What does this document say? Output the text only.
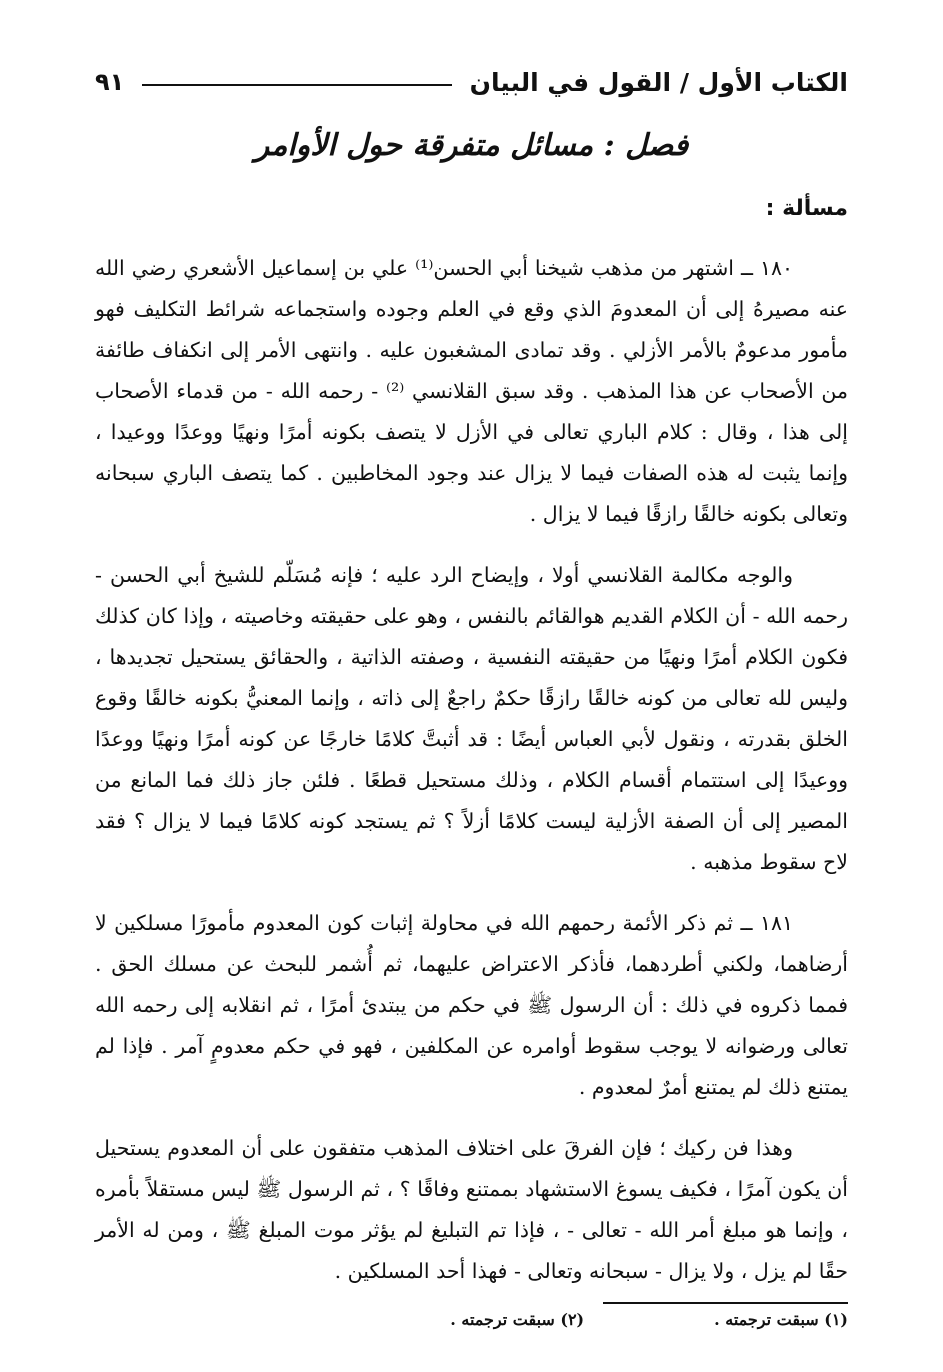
الكتاب الأول / القول في البيان
٩١
فصل : مسائل متفرقة حول الأوامر
مسألة :

١٨٠ ــ اشتهر من مذهب شيخنا أبي الحسن⁽¹⁾ علي بن إسماعيل الأشعري رضي الله عنه مصيرهُ إلى أن المعدومَ الذي وقع في العلم وجوده واستجماعه شرائط التكليف فهو مأمور مدعومٌ بالأمر الأزلي . وقد تمادى المشغبون عليه . وانتهى الأمر إلى انكفاف طائفة من الأصحاب عن هذا المذهب . وقد سبق القلانسي ⁽²⁾ - رحمه الله - من قدماء الأصحاب إلى هذا ، وقال : كلام الباري تعالى في الأزل لا يتصف بكونه أمرًا ونهيًا ووعدًا ووعيدا ، وإنما يثبت له هذه الصفات فيما لا يزال عند وجود المخاطبين . كما يتصف الباري سبحانه وتعالى بكونه خالقًا رازقًا فيما لا يزال .

والوجه مكالمة القلانسي أولا ، وإيضاح الرد عليه ؛ فإنه مُسَلّم للشيخ أبي الحسن - رحمه الله - أن الكلام القديم هوالقائم بالنفس ، وهو على حقيقته وخاصيته ، وإذا كان كذلك فكون الكلام أمرًا ونهيًا من حقيقته النفسية ، وصفته الذاتية ، والحقائق يستحيل تجديدها ، وليس لله تعالى من كونه خالقًا رازقًا حكمٌ راجعٌ إلى ذاته ، وإنما المعنيُّ بكونه خالقًا وقوع الخلق بقدرته ، ونقول لأبي العباس أيضًا : قد أثبتَّ كلامًا خارجًا عن كونه أمرًا ونهيًا ووعدًا ووعيدًا إلى استتمام أقسام الكلام ، وذلك مستحيل قطعًا . فلئن جاز ذلك فما المانع من المصير إلى أن الصفة الأزلية ليست كلامًا أزلاً ؟ ثم يستجد كونه كلامًا فيما لا يزال ؟ فقد لاح سقوط مذهبه .

١٨١ ــ ثم ذكر الأئمة رحمهم الله في محاولة إثبات كون المعدوم مأمورًا مسلكين لا أرضاهما، ولكني أطردهما، فأذكر الاعتراض عليهما، ثم أُشمر للبحث عن مسلك الحق . فمما ذكروه في ذلك : أن الرسول ﷺ في حكم من يبتدئ أمرًا ، ثم انقلابه إلى رحمه الله تعالى ورضوانه لا يوجب سقوط أوامره عن المكلفين ، فهو في حكم معدومٍ آمر . فإذا لم يمتنع ذلك لم يمتنع أمرٌ لمعدوم .

وهذا فن ركيك ؛ فإن الفرقَ على اختلاف المذهب متفقون على أن المعدوم يستحيل أن يكون آمرًا ، فكيف يسوغ الاستشهاد بممتنع وفاقًا ؟ ، ثم الرسول ﷺ ليس مستقلاً بأمره ، وإنما هو مبلغ أمر الله - تعالى - ، فإذا تم التبليغ لم يؤثر موت المبلغ ﷺ ، ومن له الأمر حقًا لم يزل ، ولا يزال - سبحانه وتعالى - فهذا أحد المسلكين .

(١) سبقت ترجمته .
(٢) سبقت ترجمته .
